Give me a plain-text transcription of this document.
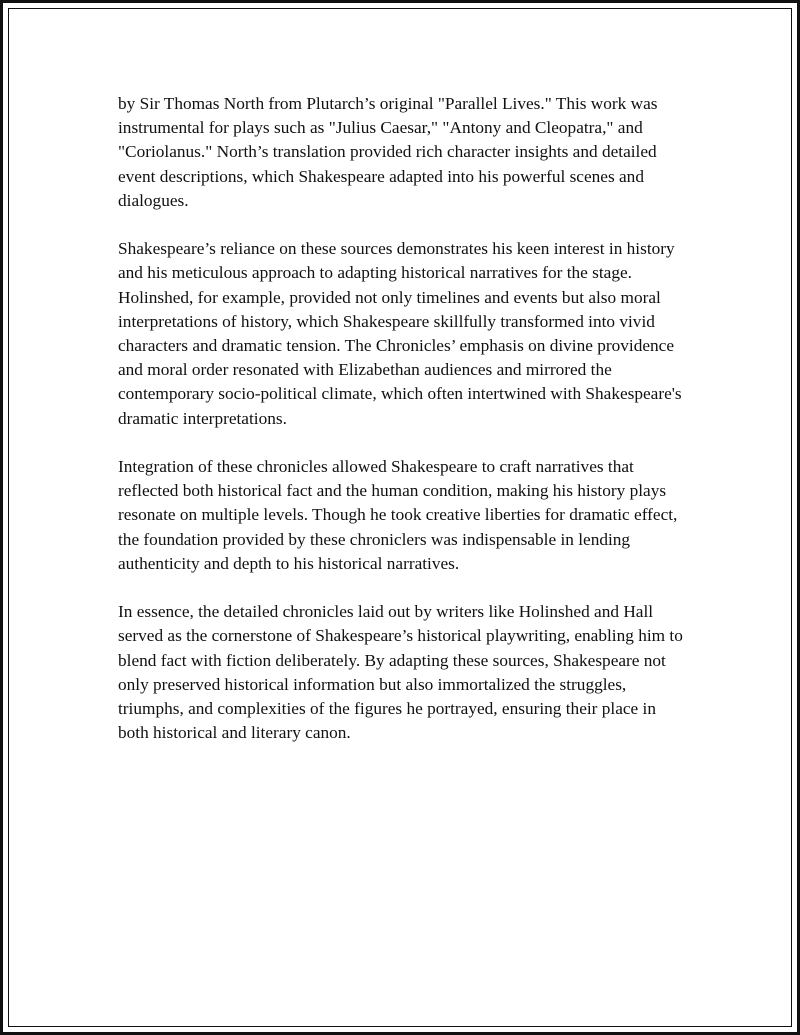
by Sir Thomas North from Plutarch’s original "Parallel Lives." This work was instrumental for plays such as "Julius Caesar," "Antony and Cleopatra," and "Coriolanus." North’s translation provided rich character insights and detailed event descriptions, which Shakespeare adapted into his powerful scenes and dialogues.

Shakespeare’s reliance on these sources demonstrates his keen interest in history and his meticulous approach to adapting historical narratives for the stage. Holinshed, for example, provided not only timelines and events but also moral interpretations of history, which Shakespeare skillfully transformed into vivid characters and dramatic tension. The Chronicles’ emphasis on divine providence and moral order resonated with Elizabethan audiences and mirrored the contemporary socio-political climate, which often intertwined with Shakespeare's dramatic interpretations.

Integration of these chronicles allowed Shakespeare to craft narratives that reflected both historical fact and the human condition, making his history plays resonate on multiple levels. Though he took creative liberties for dramatic effect, the foundation provided by these chroniclers was indispensable in lending authenticity and depth to his historical narratives.

In essence, the detailed chronicles laid out by writers like Holinshed and Hall served as the cornerstone of Shakespeare’s historical playwriting, enabling him to blend fact with fiction deliberately. By adapting these sources, Shakespeare not only preserved historical information but also immortalized the struggles, triumphs, and complexities of the figures he portrayed, ensuring their place in both historical and literary canon.
